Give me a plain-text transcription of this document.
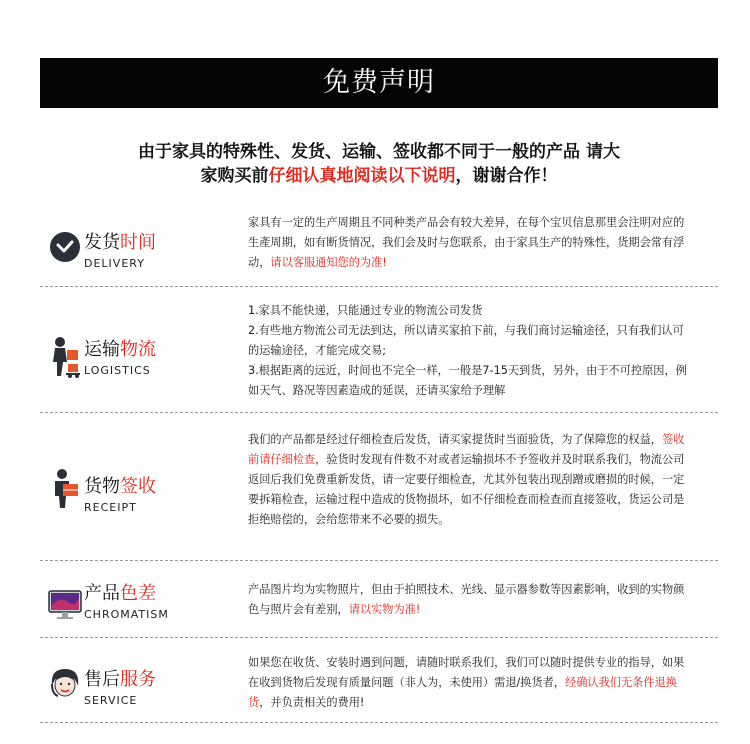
免费声明
由于家具的特殊性、发货、运输、签收都不同于一般的产品 请大
家购买前仔细认真地阅读以下说明，谢谢合作！
发货时间
DELIVERY
家具有一定的生产周期且不同种类产品会有较大差异，在每个宝贝信息那里会注明对应的生產周期，如有断货情况，我们会及时与您联系，由于家具生产的特殊性，货期会常有浮动，请以客服通知您的为准!
运输物流
LOGISTICS

1.家具不能快递，只能通过专业的物流公司发货

2.有些地方物流公司无法到达，所以请买家拍下前，与我们商讨运输途径，只有我们认可的运输途径，才能完成交易;

3.根据距离的远近，时间也不完全一样，一般是7-15天到货，另外，由于不可控原因，例如天气、路况等因素造成的延误，还请买家给予理解

货物签收
RECEIPT
我们的产品都是经过仔细检查后发货，请买家提货时当面验货，为了保障您的权益，签收前请仔细检查，验货时发现有件数不对或者运输损坏不予签收并及时联系我们，物流公司返回后我们免费重新发货，请一定要仔细检查，尤其外包装出现刮蹭或磨损的时候，一定要拆箱检查，运输过程中造成的货物损坏，如不仔细检查而检查而直接签收，货运公司是拒绝赔偿的，会给您带来不必要的损失。
产品色差
CHROMATISM
产品图片均为实物照片，但由于拍照技术、光线、显示器参数等因素影响，收到的实物颜色与照片会有差别，请以实物为准!
售后服务
SERVICE
如果您在收货、安装时遇到问题，请随时联系我们，我们可以随时提供专业的指导，如果在收到货物后发现有质量问题（非人为，未使用）需退/换货者，经确认我们无条件退换货，并负责相关的费用!
